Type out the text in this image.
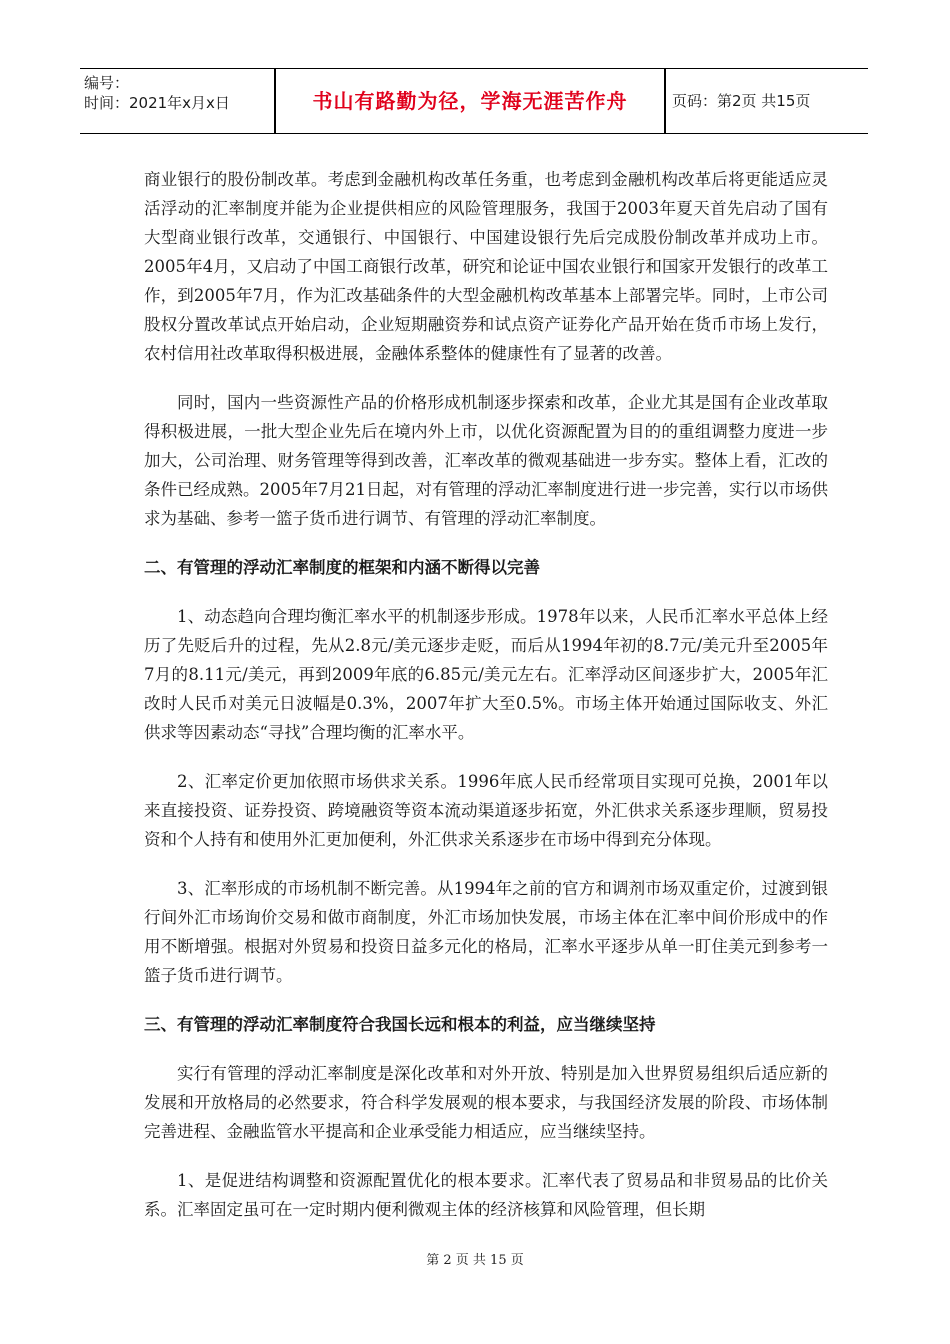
编号：
时间：2021年x月x日	书山有路勤为径，学海无涯苦作舟	页码：第2页 共15页

商业银行的股份制改革。考虑到金融机构改革任务重，也考虑到金融机构改革后将更能适应灵活浮动的汇率制度并能为企业提供相应的风险管理服务，我国于2003年夏天首先启动了国有大型商业银行改革，交通银行、中国银行、中国建设银行先后完成股份制改革并成功上市。2005年4月，又启动了中国工商银行改革，研究和论证中国农业银行和国家开发银行的改革工作，到2005年7月，作为汇改基础条件的大型金融机构改革基本上部署完毕。同时，上市公司股权分置改革试点开始启动，企业短期融资券和试点资产证券化产品开始在货币市场上发行，农村信用社改革取得积极进展，金融体系整体的健康性有了显著的改善。

同时，国内一些资源性产品的价格形成机制逐步探索和改革，企业尤其是国有企业改革取得积极进展，一批大型企业先后在境内外上市，以优化资源配置为目的的重组调整力度进一步加大，公司治理、财务管理等得到改善，汇率改革的微观基础进一步夯实。整体上看，汇改的条件已经成熟。2005年7月21日起，对有管理的浮动汇率制度进行进一步完善，实行以市场供求为基础、参考一篮子货币进行调节、有管理的浮动汇率制度。

二、有管理的浮动汇率制度的框架和内涵不断得以完善

1、动态趋向合理均衡汇率水平的机制逐步形成。1978年以来，人民币汇率水平总体上经历了先贬后升的过程，先从2.8元/美元逐步走贬，而后从1994年初的8.7元/美元升至2005年7月的8.11元/美元，再到2009年底的6.85元/美元左右。汇率浮动区间逐步扩大，2005年汇改时人民币对美元日波幅是0.3%，2007年扩大至0.5%。市场主体开始通过国际收支、外汇供求等因素动态“寻找”合理均衡的汇率水平。

2、汇率定价更加依照市场供求关系。1996年底人民币经常项目实现可兑换，2001年以来直接投资、证券投资、跨境融资等资本流动渠道逐步拓宽，外汇供求关系逐步理顺，贸易投资和个人持有和使用外汇更加便利，外汇供求关系逐步在市场中得到充分体现。

3、汇率形成的市场机制不断完善。从1994年之前的官方和调剂市场双重定价，过渡到银行间外汇市场询价交易和做市商制度，外汇市场加快发展，市场主体在汇率中间价形成中的作用不断增强。根据对外贸易和投资日益多元化的格局，汇率水平逐步从单一盯住美元到参考一篮子货币进行调节。

三、有管理的浮动汇率制度符合我国长远和根本的利益，应当继续坚持

实行有管理的浮动汇率制度是深化改革和对外开放、特别是加入世界贸易组织后适应新的发展和开放格局的必然要求，符合科学发展观的根本要求，与我国经济发展的阶段、市场体制完善进程、金融监管水平提高和企业承受能力相适应，应当继续坚持。

1、是促进结构调整和资源配置优化的根本要求。汇率代表了贸易品和非贸易品的比价关系。汇率固定虽可在一定时期内便利微观主体的经济核算和风险管理，但长期

第 2 页 共 15 页
